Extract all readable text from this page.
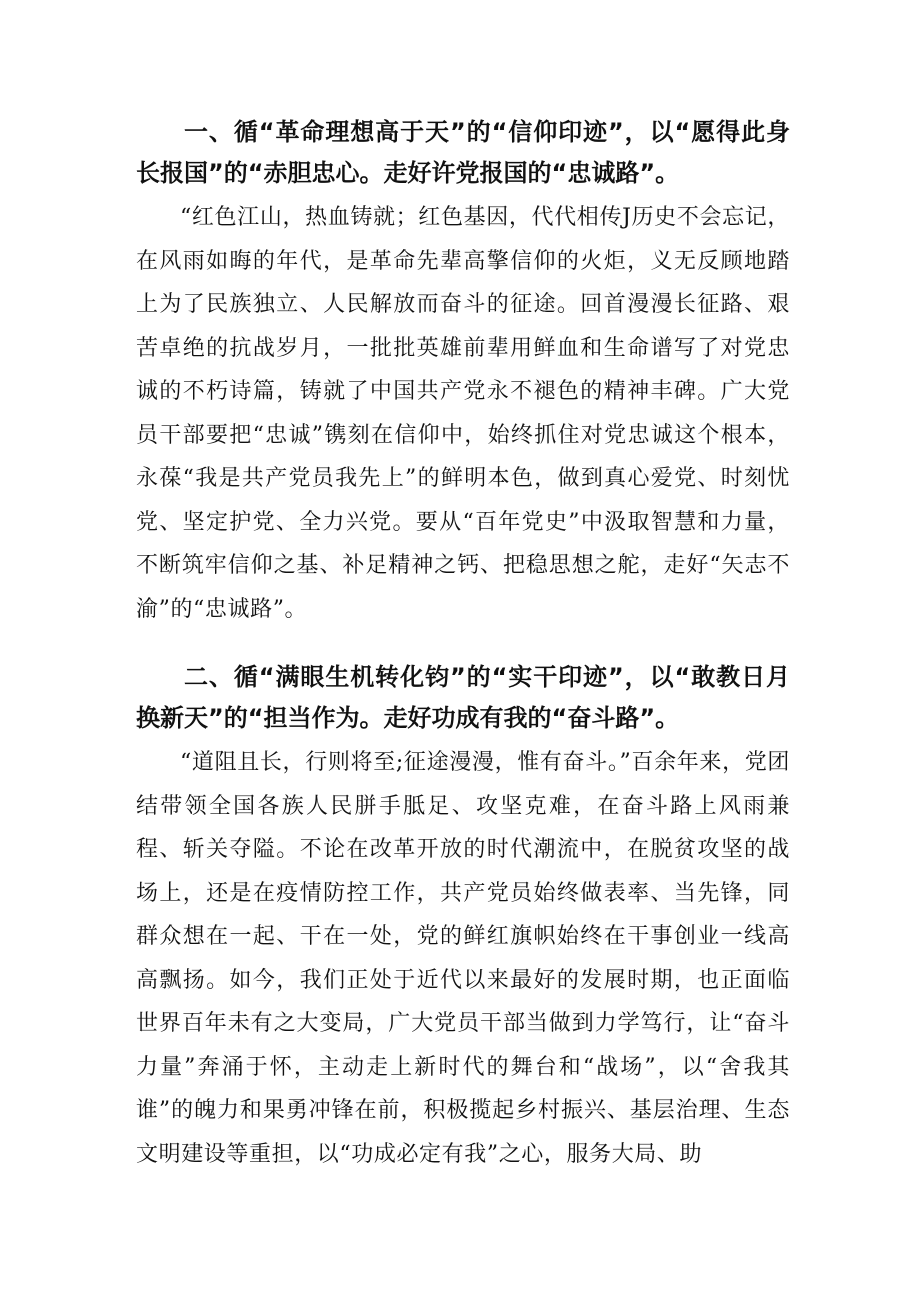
一、循“革命理想高于天”的“信仰印迹”，以“愿得此身长报国”的“赤胆忠心。走好许党报国的“忠诚路”。

“红色江山，热血铸就；红色基因，代代相传J历史不会忘记，在风雨如晦的年代，是革命先辈高擎信仰的火炬，义无反顾地踏上为了民族独立、人民解放而奋斗的征途。回首漫漫长征路、艰苦卓绝的抗战岁月，一批批英雄前辈用鲜血和生命谱写了对党忠诚的不朽诗篇，铸就了中国共产党永不褪色的精神丰碑。广大党员干部要把“忠诚”镌刻在信仰中，始终抓住对党忠诚这个根本，永葆“我是共产党员我先上”的鲜明本色，做到真心爱党、时刻忧党、坚定护党、全力兴党。要从“百年党史”中汲取智慧和力量，不断筑牢信仰之基、补足精神之钙、把稳思想之舵，走好“矢志不渝”的“忠诚路”。

二、循“满眼生机转化钧”的“实干印迹”，以“敢教日月换新天”的“担当作为。走好功成有我的“奋斗路”。

“道阻且长，行则将至;征途漫漫，惟有奋斗。”百余年来，党团结带领全国各族人民胼手胝足、攻坚克难，在奋斗路上风雨兼程、斩关夺隘。不论在改革开放的时代潮流中，在脱贫攻坚的战场上，还是在疫情防控工作，共产党员始终做表率、当先锋，同群众想在一起、干在一处，党的鲜红旗帜始终在干事创业一线高高飘扬。如今，我们正处于近代以来最好的发展时期，也正面临世界百年未有之大变局，广大党员干部当做到力学笃行，让“奋斗力量”奔涌于怀，主动走上新时代的舞台和“战场”，以“舍我其谁”的魄力和果勇冲锋在前，积极揽起乡村振兴、基层治理、生态文明建设等重担，以“功成必定有我”之心，服务大局、助
